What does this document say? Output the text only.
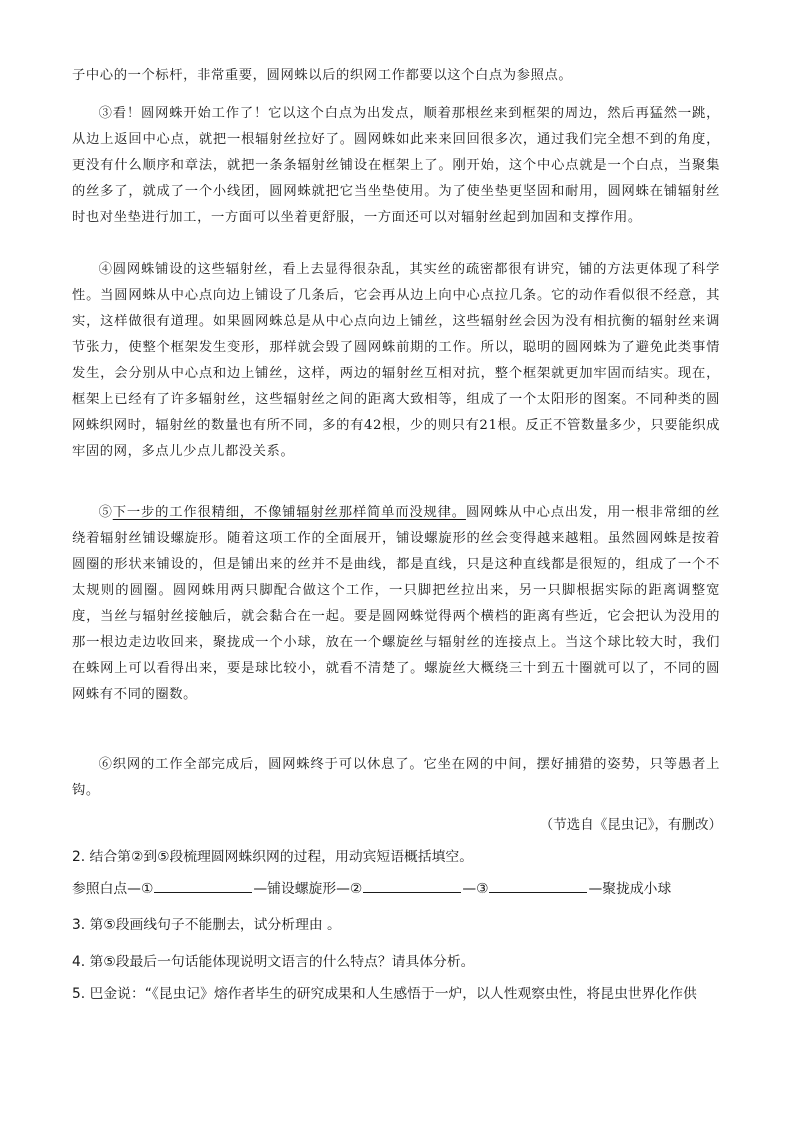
子中心的一个标杆，非常重要，圆网蛛以后的织网工作都要以这个白点为参照点。

③看！圆网蛛开始工作了！它以这个白点为出发点，顺着那根丝来到框架的周边，然后再猛然一跳，从边上返回中心点，就把一根辐射丝拉好了。圆网蛛如此来来回回很多次，通过我们完全想不到的角度，更没有什么顺序和章法，就把一条条辐射丝铺设在框架上了。刚开始，这个中心点就是一个白点，当聚集的丝多了，就成了一个小线团，圆网蛛就把它当坐垫使用。为了使坐垫更坚固和耐用，圆网蛛在铺辐射丝时也对坐垫进行加工，一方面可以坐着更舒服，一方面还可以对辐射丝起到加固和支撑作用。

④圆网蛛铺设的这些辐射丝，看上去显得很杂乱，其实丝的疏密都很有讲究，铺的方法更体现了科学性。当圆网蛛从中心点向边上铺设了几条后，它会再从边上向中心点拉几条。它的动作看似很不经意，其实，这样做很有道理。如果圆网蛛总是从中心点向边上铺丝，这些辐射丝会因为没有相抗衡的辐射丝来调节张力，使整个框架发生变形，那样就会毁了圆网蛛前期的工作。所以，聪明的圆网蛛为了避免此类事情发生，会分别从中心点和边上铺丝，这样，两边的辐射丝互相对抗，整个框架就更加牢固而结实。现在，框架上已经有了许多辐射丝，这些辐射丝之间的距离大致相等，组成了一个太阳形的图案。不同种类的圆网蛛织网时，辐射丝的数量也有所不同，多的有42根，少的则只有21根。反正不管数量多少，只要能织成牢固的网，多点儿少点儿都没关系。

⑤下一步的工作很精细，不像铺辐射丝那样简单而没规律。圆网蛛从中心点出发，用一根非常细的丝绕着辐射丝铺设螺旋形。随着这项工作的全面展开，铺设螺旋形的丝会变得越来越粗。虽然圆网蛛是按着圆圈的形状来铺设的，但是铺出来的丝并不是曲线，都是直线，只是这种直线都是很短的，组成了一个不太规则的圆圈。圆网蛛用两只脚配合做这个工作，一只脚把丝拉出来，另一只脚根据实际的距离调整宽度，当丝与辐射丝接触后，就会黏合在一起。要是圆网蛛觉得两个横档的距离有些近，它会把认为没用的那一根边走边收回来，聚拢成一个小球，放在一个螺旋丝与辐射丝的连接点上。当这个球比较大时，我们在蛛网上可以看得出来，要是球比较小，就看不清楚了。螺旋丝大概绕三十到五十圈就可以了，不同的圆网蛛有不同的圈数。

⑥织网的工作全部完成后，圆网蛛终于可以休息了。它坐在网的中间，摆好捕猎的姿势，只等愚者上钩。

（节选自《昆虫记》，有删改）

2. 结合第②到⑤段梳理圆网蛛织网的过程，用动宾短语概括填空。

参照白点—①	—铺设螺旋形—②	—③	—聚拢成小球

3. 第⑤段画线句子不能删去，试分析理由 。

4. 第⑤段最后一句话能体现说明文语言的什么特点？请具体分析。

5. 巴金说：“《昆虫记》熔作者毕生的研究成果和人生感悟于一炉，以人性观察虫性，将昆虫世界化作供
